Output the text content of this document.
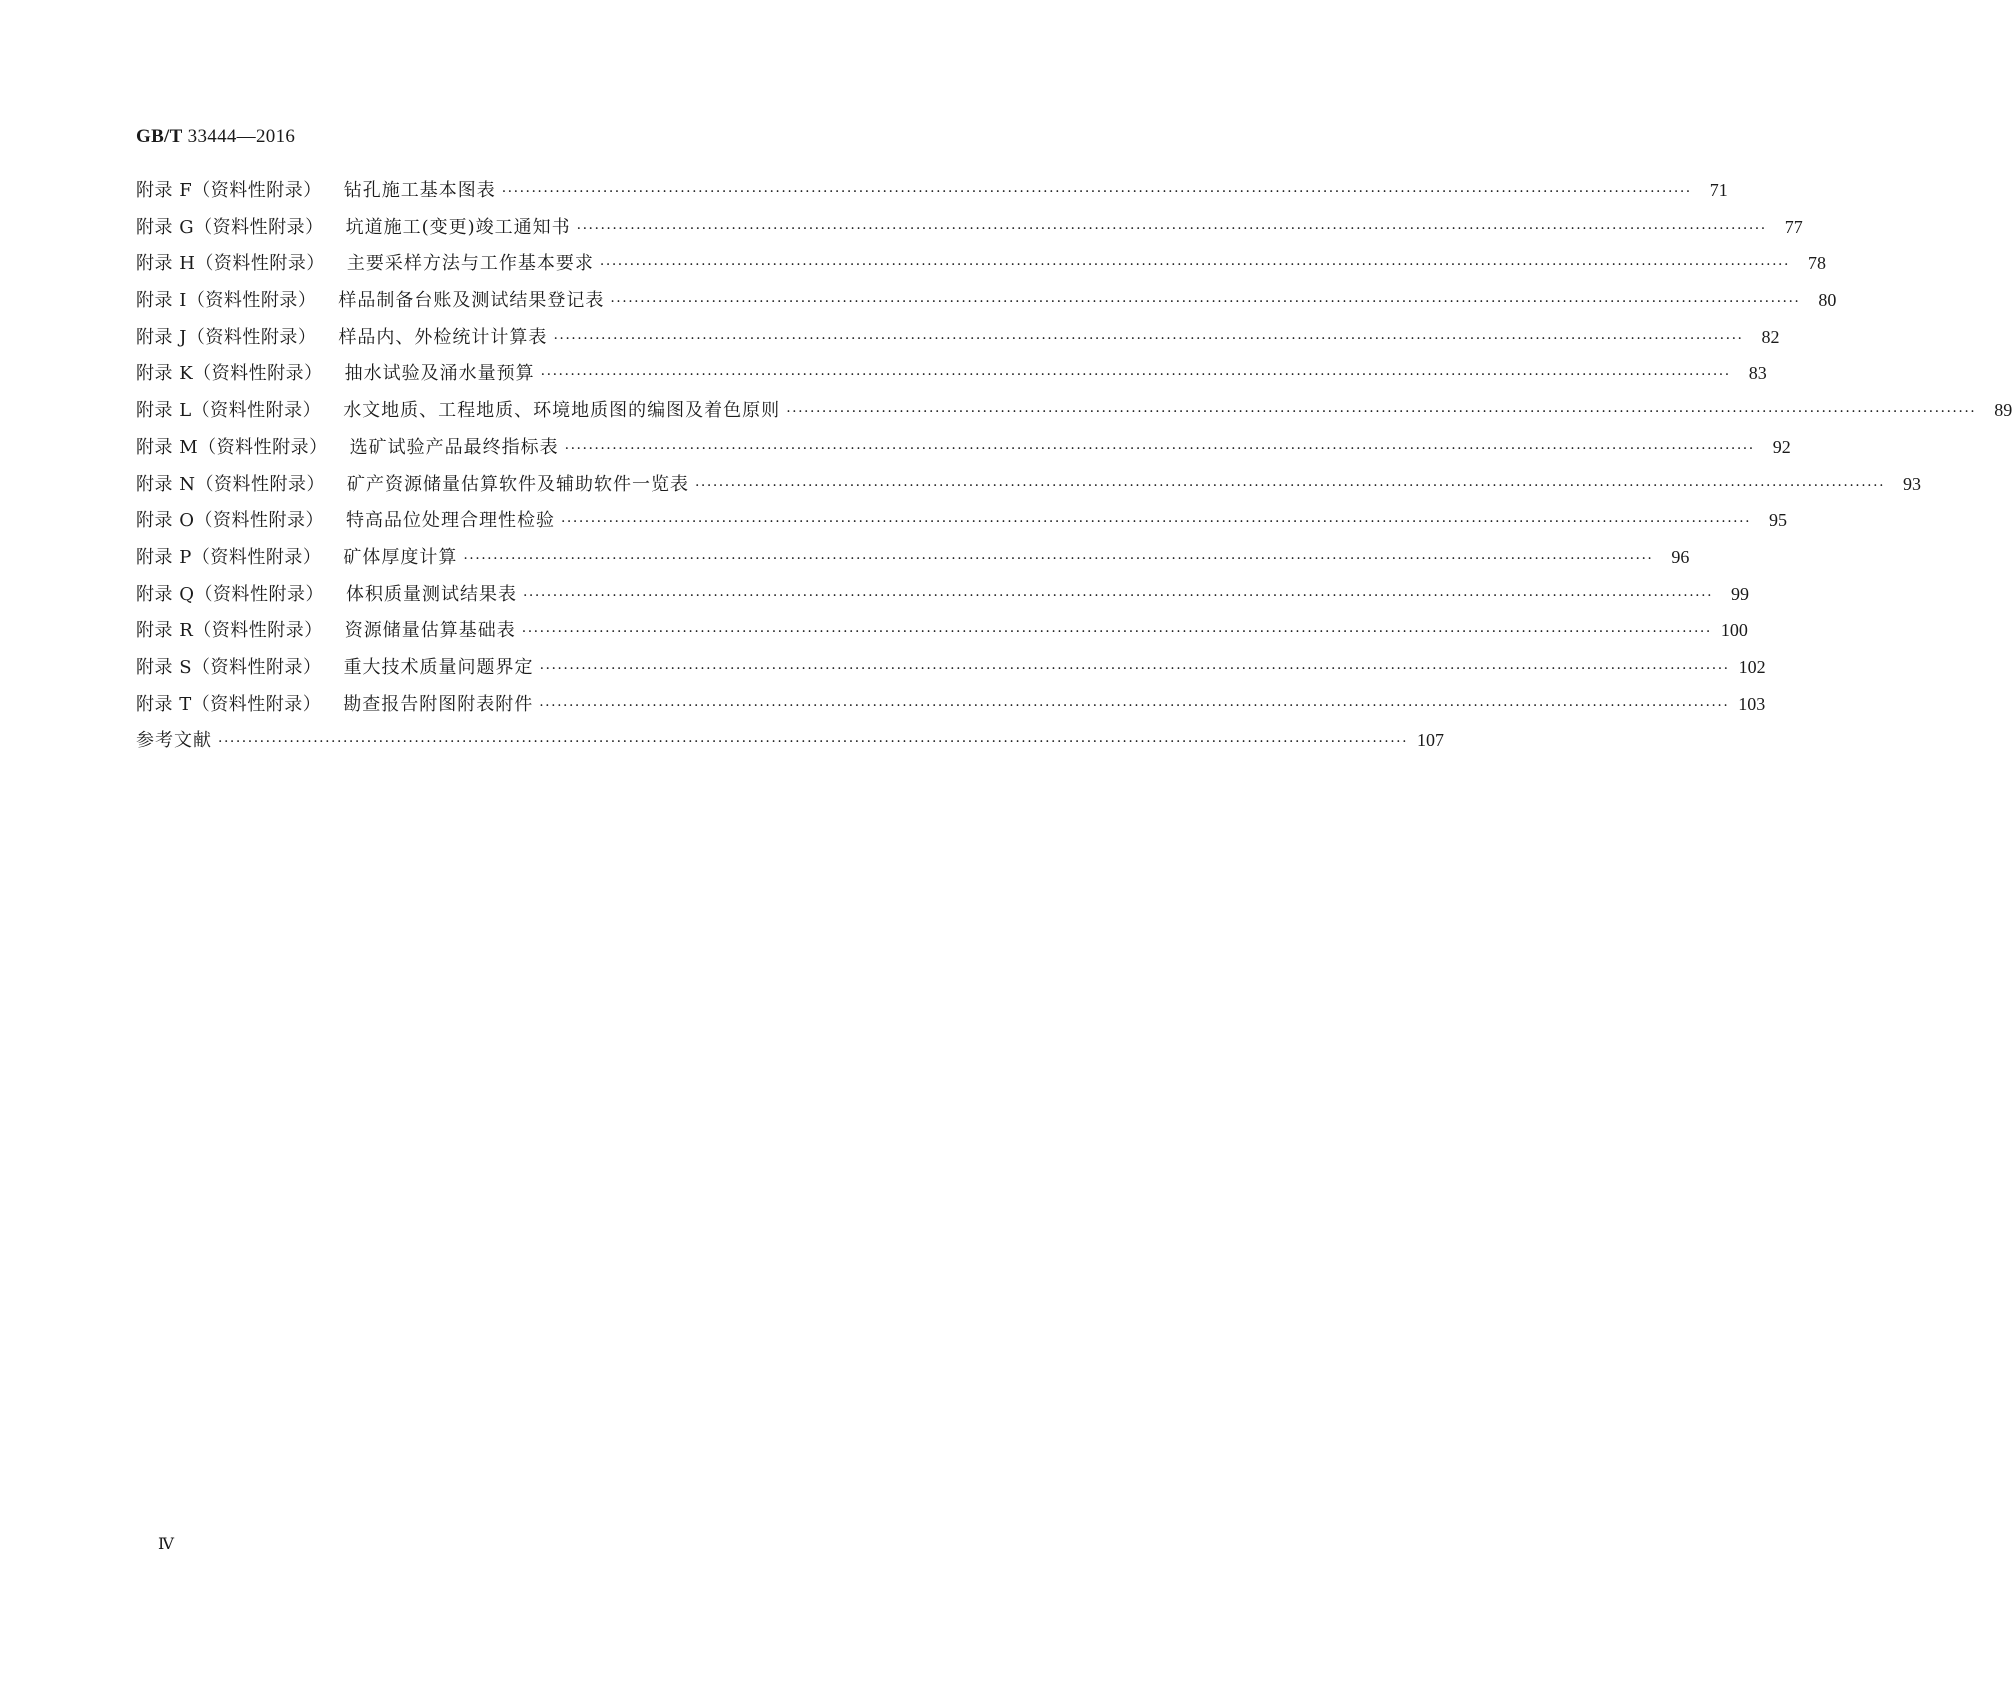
GB/T 33444—2016
附录 F（资料性附录） 钻孔施工基本图表 ········································································································································································································	71
附录 G（资料性附录） 坑道施工(变更)竣工通知书 ········································································································································································································	77
附录 H（资料性附录） 主要采样方法与工作基本要求 ········································································································································································································	78
附录 I（资料性附录） 样品制备台账及测试结果登记表 ········································································································································································································	80
附录 J（资料性附录） 样品内、外检统计计算表 ········································································································································································································	82
附录 K（资料性附录） 抽水试验及涌水量预算 ········································································································································································································	83
附录 L（资料性附录） 水文地质、工程地质、环境地质图的编图及着色原则 ········································································································································································································	89
附录 M（资料性附录） 选矿试验产品最终指标表 ········································································································································································································	92
附录 N（资料性附录） 矿产资源储量估算软件及辅助软件一览表 ········································································································································································································	93
附录 O（资料性附录） 特高品位处理合理性检验 ········································································································································································································	95
附录 P（资料性附录） 矿体厚度计算 ········································································································································································································	96
附录 Q（资料性附录） 体积质量测试结果表 ········································································································································································································	99
附录 R（资料性附录） 资源储量估算基础表 ········································································································································································································ 100
附录 S（资料性附录） 重大技术质量问题界定 ········································································································································································································ 102
附录 T（资料性附录） 勘查报告附图附表附件 ········································································································································································································ 103
参考文献 ········································································································································································································ 107
Ⅳ
